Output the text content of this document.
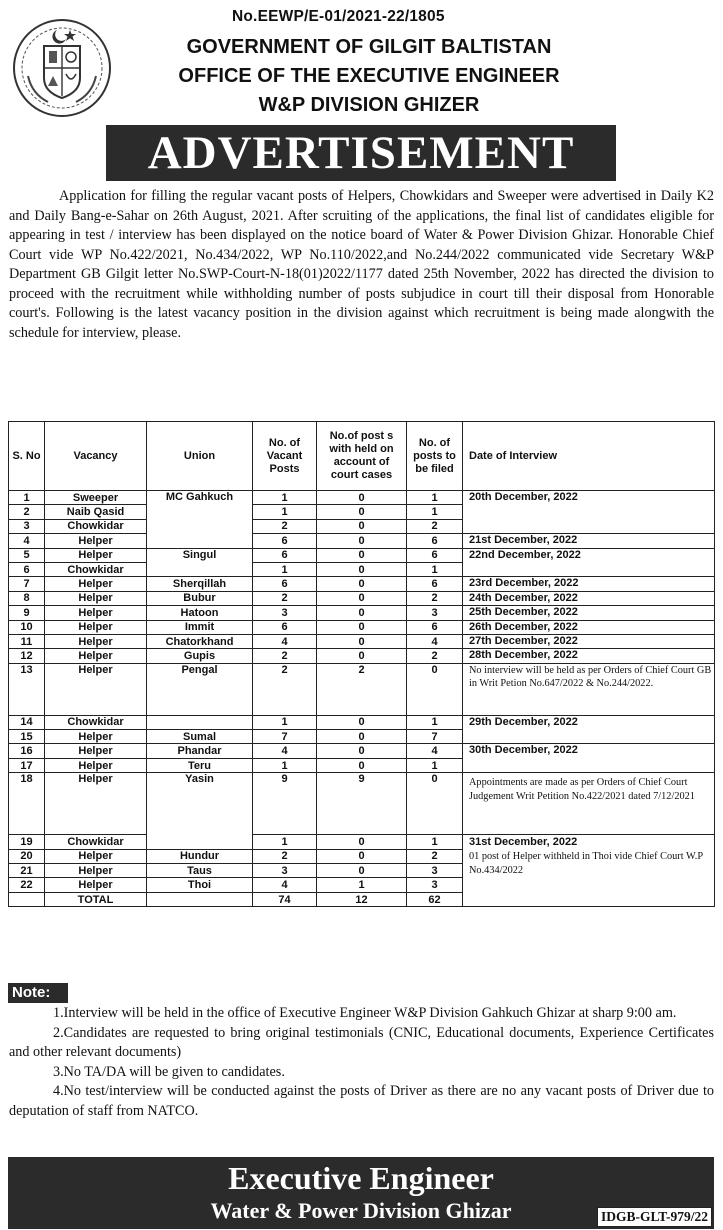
No.EEWP/E-01/2021-22/1805
GOVERNMENT OF GILGIT BALTISTAN
OFFICE OF THE EXECUTIVE ENGINEER
W&P DIVISION GHIZER
ADVERTISEMENT

Application for filling the regular vacant posts of Helpers, Chowkidars and Sweeper were advertised in Daily K2 and Daily Bang-e-Sahar on 26th August, 2021. After scruiting of the applications, the final list of candidates eligible for appearing in test / interview has been displayed on the notice board of Water & Power Division Ghizar. Honorable Chief Court vide WP No.422/2021, No.434/2022, WP No.110/2022,and No.244/2022 communicated vide Secretary W&P Department GB Gilgit letter No.SWP-Court-N-18(01)2022/1177 dated 25th November, 2022 has directed the division to proceed with the recruitment while withholding number of posts subjudice in court till their disposal from Honorable court's. Following is the latest vacancy position in the division against which recruitment is being made alongwith the schedule for interview, please.

S. No	Vacancy	Union	No. of Vacant Posts	No.of post s with held on account of court cases	No. of posts to be filed	Date of Interview
1	Sweeper	MC Gahkuch	1	0	1	20th December, 2022
2	Naib Qasid		1	0	1	
3	Chowkidar		2	0	2	
4	Helper		6	0	6	21st December, 2022
5	Helper	Singul	6	0	6	22nd December, 2022
6	Chowkidar		1	0	1	
7	Helper	Sherqillah	6	0	6	23rd December, 2022
8	Helper	Bubur	2	0	2	24th December, 2022
9	Helper	Hatoon	3	0	3	25th December, 2022
10	Helper	Immit	6	0	6	26th December, 2022
11	Helper	Chatorkhand	4	0	4	27th December, 2022
12	Helper	Gupis	2	0	2	28th December, 2022
13	Helper	Pengal	2	2	0	No interview will be held as per Orders of Chief Court GB in Writ Petion No.647/2022 & No.244/2022.
14	Chowkidar		1	0	1	29th December, 2022
15	Helper	Sumal	7	0	7	
16	Helper	Phandar	4	0	4	30th December, 2022
17	Helper	Teru	1	0	1	
18	Helper	Yasin	9	9	0	Appointments are made as per Orders of Chief Court Judgement Writ Petition No.422/2021 dated 7/12/2021
19	Chowkidar		1	0	1	31st December, 2022
01 post of Helper withheld in Thoi vide Chief Court W.P No.434/2022

20	Helper	Hundur	2	0	2	
21	Helper	Taus	3	0	3	
22	Helper	Thoi	4	1	3	
	TOTAL		74	12	62	
Note:

1.Interview will be held in the office of Executive Engineer W&P Division Gahkuch Ghizar at sharp 9:00 am.

2.Candidates are requested to bring original testimonials (CNIC, Educational documents, Experience Certificates and other relevant documents)

3.No TA/DA will be given to candidates.

4.No test/interview will be conducted against the posts of Driver as there are no any vacant posts of Driver due to deputation of staff from NATCO.

Executive Engineer
Water & Power Division Ghizar	IDGB-GLT-979/22
